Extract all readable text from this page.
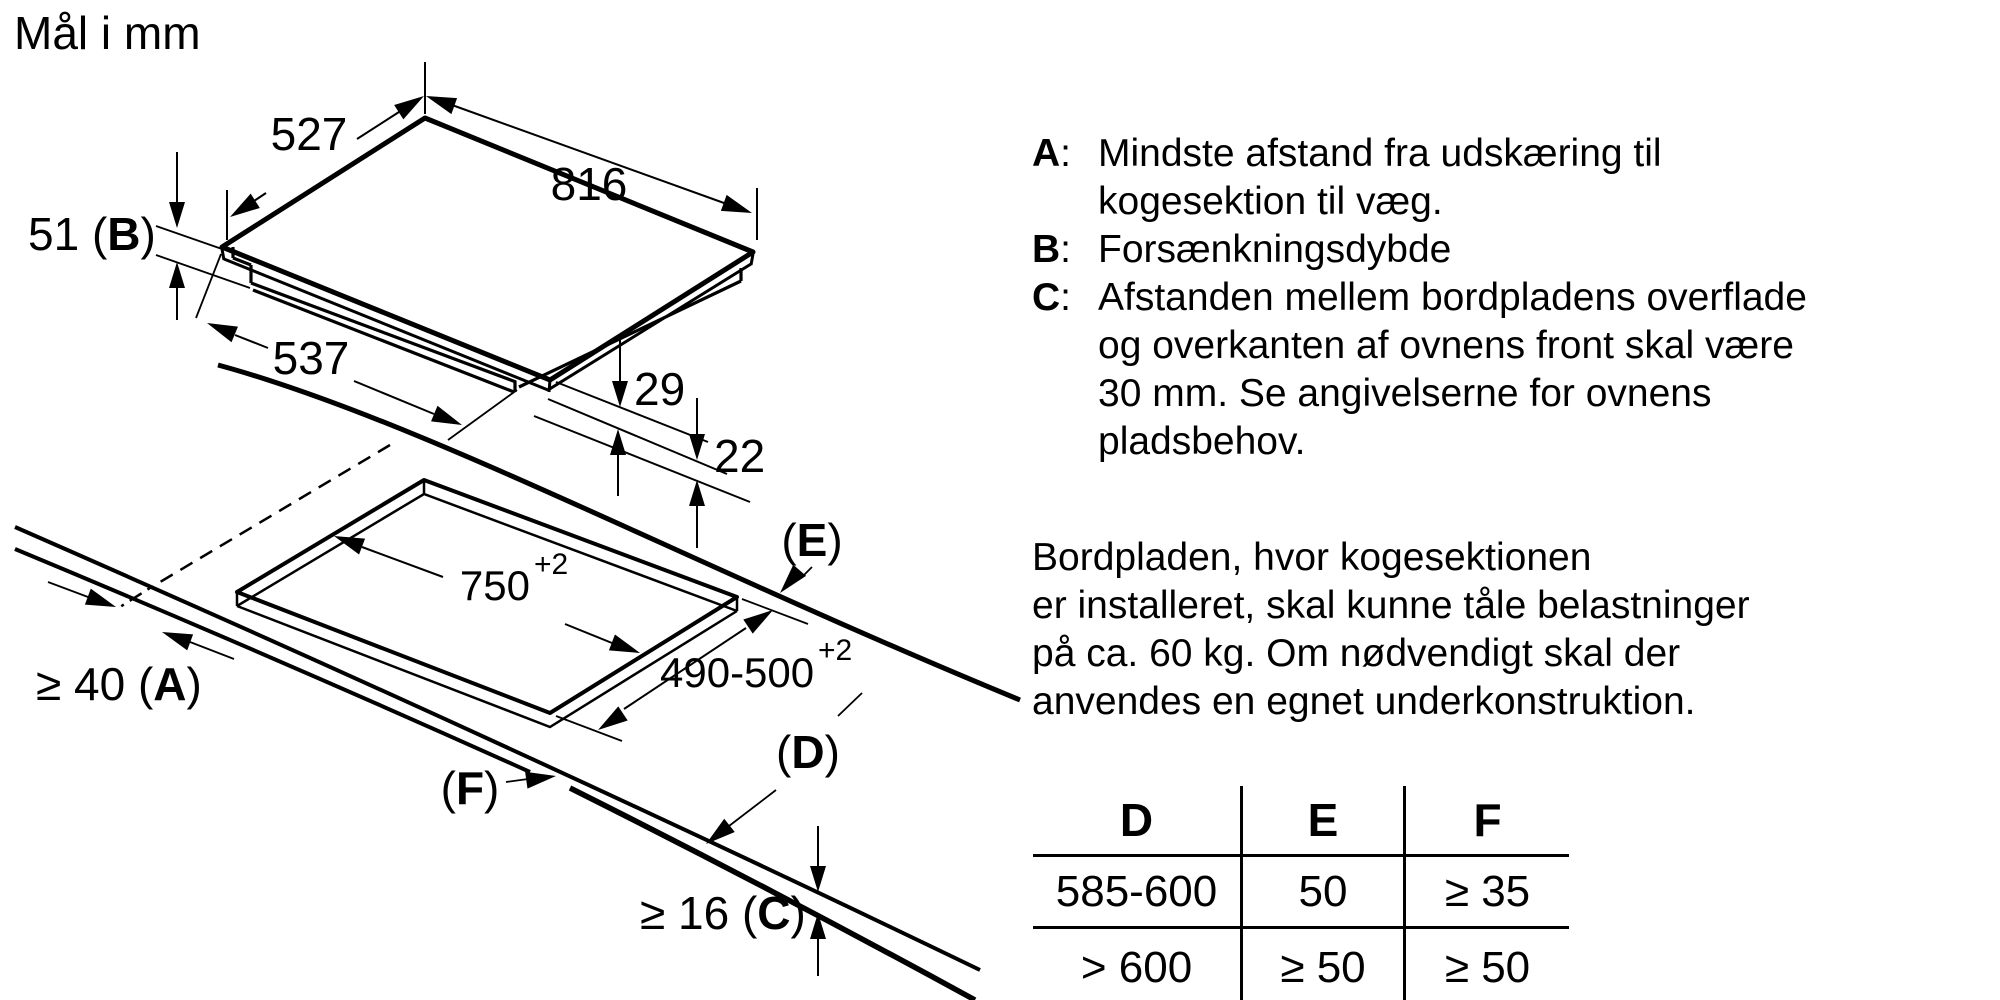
Mål i mm
527
816
51 (B)
537
29
22
750 +2
490-500 +2
(E)
(D)
(F)
≥ 16 (C)
≥ 40 (A)
A: Mindste afstand fra udskæring til
kogesektion til væg.
B: Forsænkningsdybde
C: Afstanden mellem bordpladens overflade
og overkanten af ovnens front skal være
30 mm. Se angivelserne for ovnens
pladsbehov.
Bordpladen, hvor kogesektionen
er installeret, skal kunne tåle belastninger
på ca. 60 kg. Om nødvendigt skal der
anvendes en egnet underkonstruktion.
D	E	F
585-600	50	≥ 35
> 600	≥ 50	≥ 50
